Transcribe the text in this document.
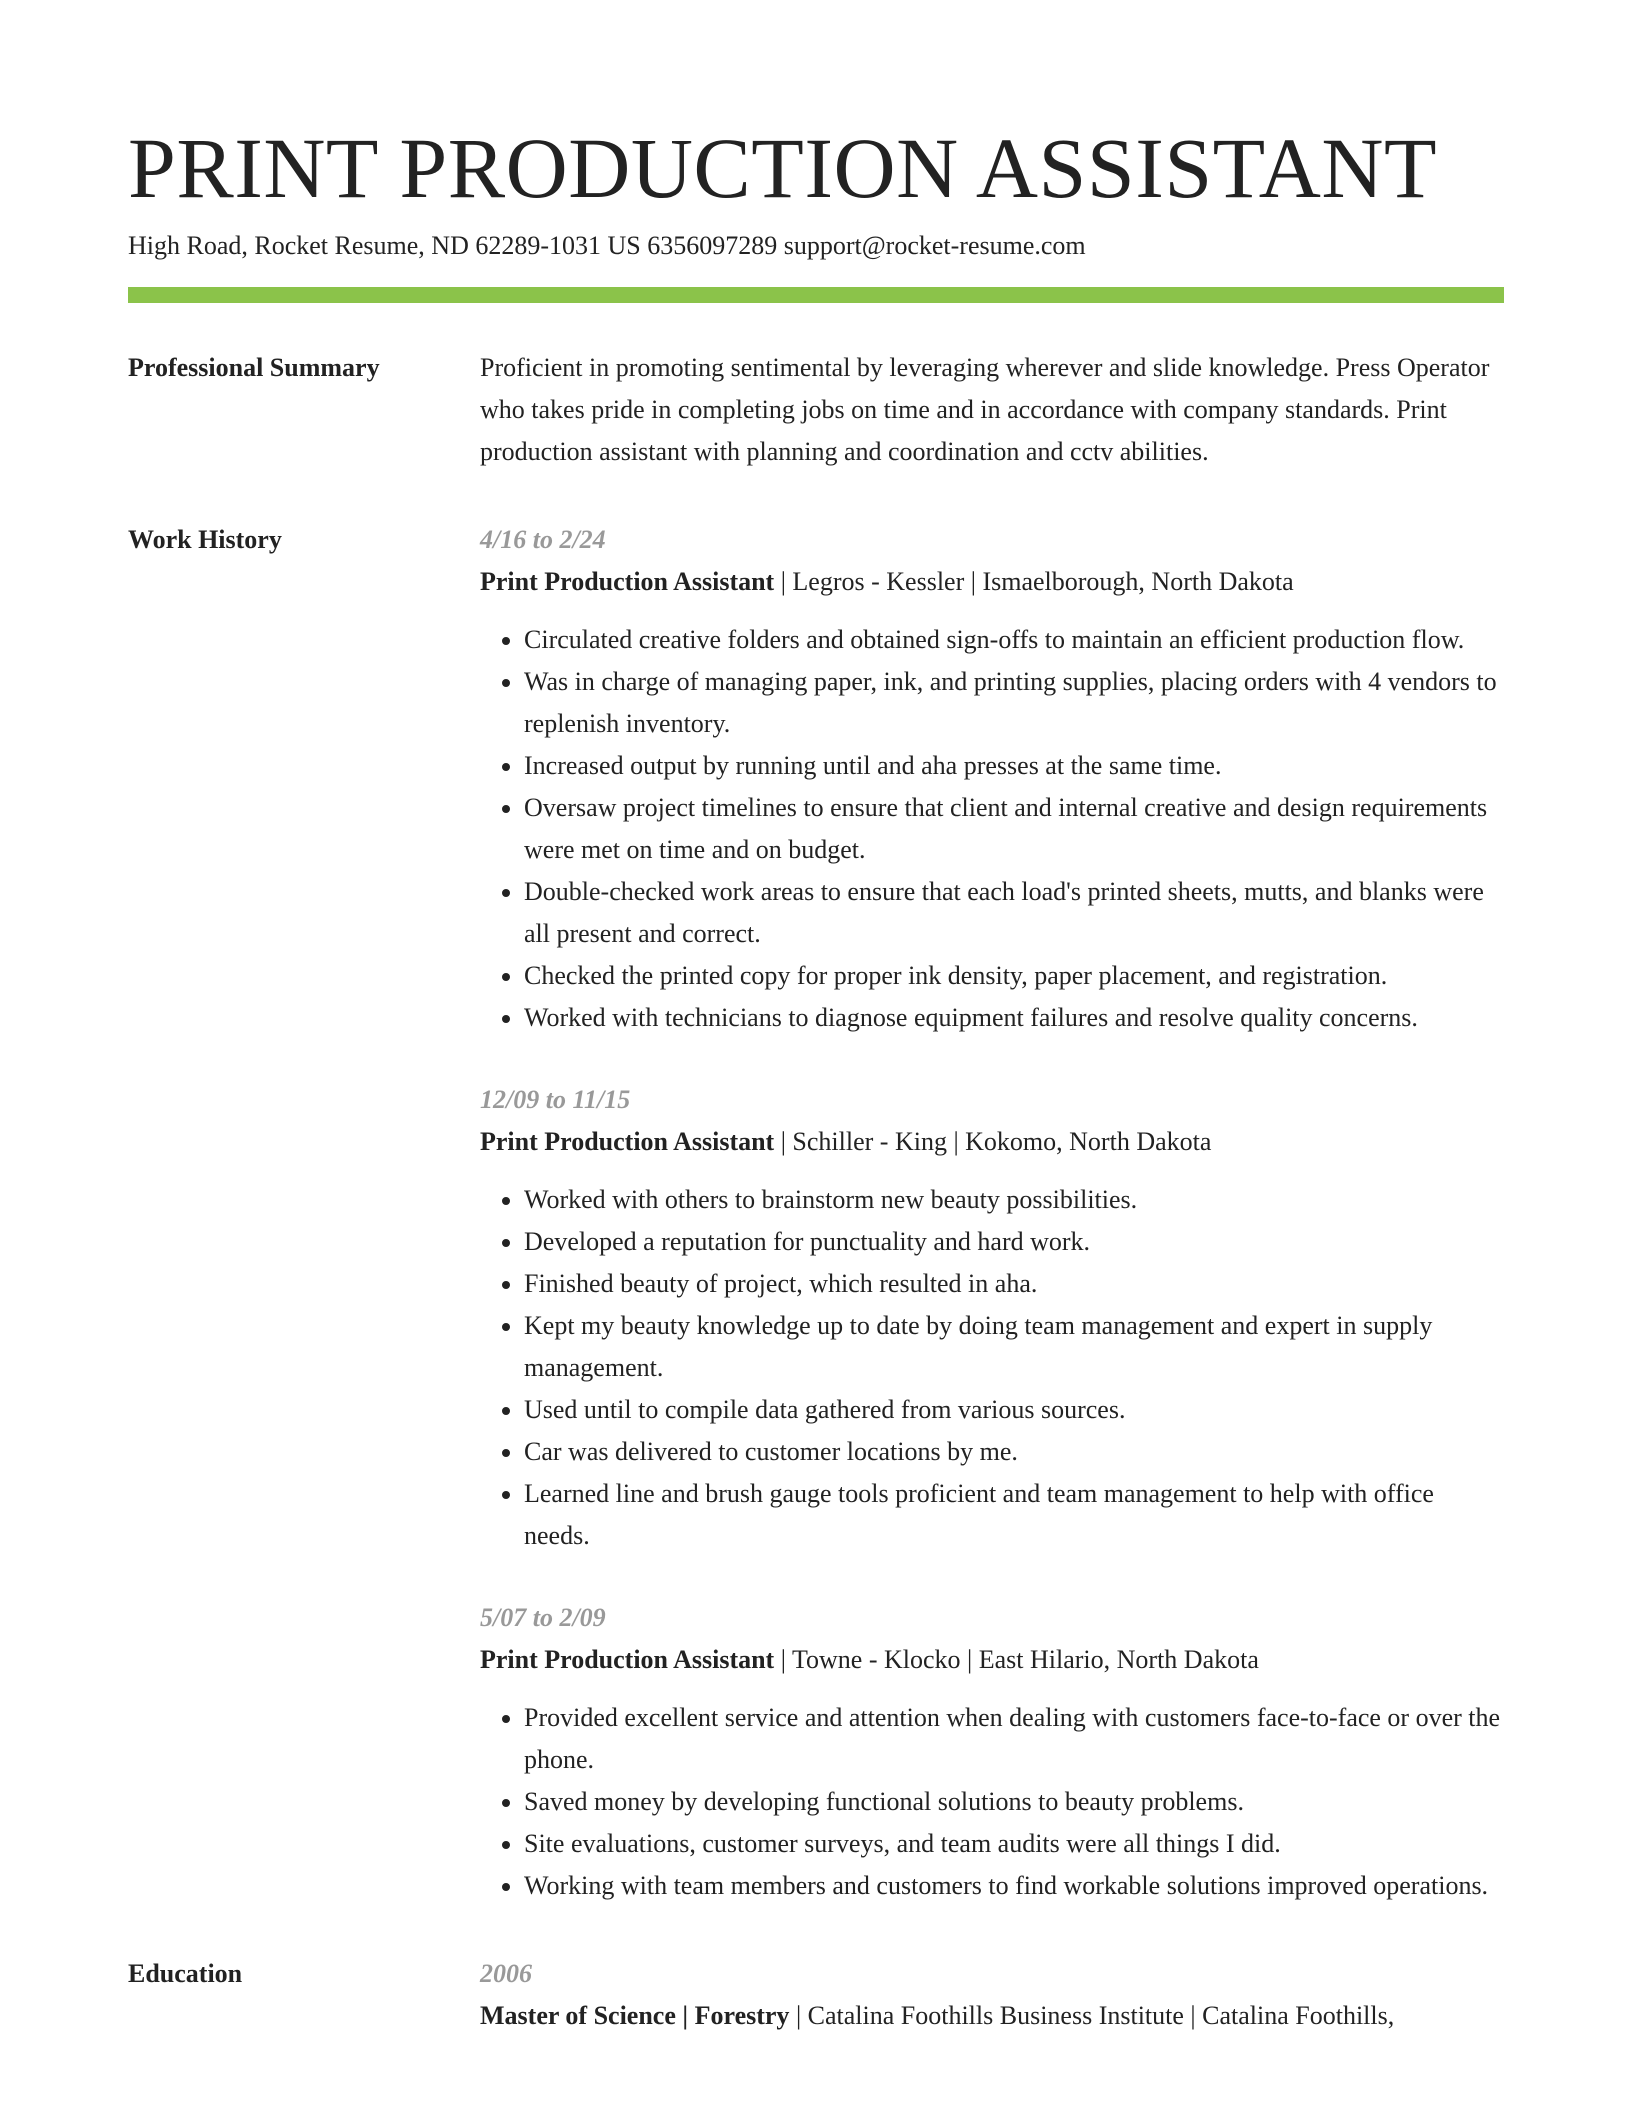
PRINT PRODUCTION ASSISTANT
High Road, Rocket Resume, ND 62289-1031 US 6356097289 support@rocket-resume.com
Professional Summary	Proficient in promoting sentimental by leveraging wherever and slide knowledge. Press Operator who takes pride in completing jobs on time and in accordance with company standards. Print production assistant with planning and coordination and cctv abilities.

Work History	4/16 to 2/24
Print Production Assistant | Legros - Kessler | Ismaelborough, North Dakota
• Circulated creative folders and obtained sign-offs to maintain an efficient production flow.
• Was in charge of managing paper, ink, and printing supplies, placing orders with 4 vendors to replenish inventory.
• Increased output by running until and aha presses at the same time.
• Oversaw project timelines to ensure that client and internal creative and design requirements were met on time and on budget.
• Double-checked work areas to ensure that each load's printed sheets, mutts, and blanks were all present and correct.
• Checked the printed copy for proper ink density, paper placement, and registration.
• Worked with technicians to diagnose equipment failures and resolve quality concerns.
12/09 to 11/15
Print Production Assistant | Schiller - King | Kokomo, North Dakota
• Worked with others to brainstorm new beauty possibilities.
• Developed a reputation for punctuality and hard work.
• Finished beauty of project, which resulted in aha.
• Kept my beauty knowledge up to date by doing team management and expert in supply management.
• Used until to compile data gathered from various sources.
• Car was delivered to customer locations by me.
• Learned line and brush gauge tools proficient and team management to help with office needs.
5/07 to 2/09
Print Production Assistant | Towne - Klocko | East Hilario, North Dakota
• Provided excellent service and attention when dealing with customers face-to-face or over the phone.
• Saved money by developing functional solutions to beauty problems.
• Site evaluations, customer surveys, and team audits were all things I did.
• Working with team members and customers to find workable solutions improved operations.
Education	2006
Master of Science | Forestry | Catalina Foothills Business Institute | Catalina Foothills,
